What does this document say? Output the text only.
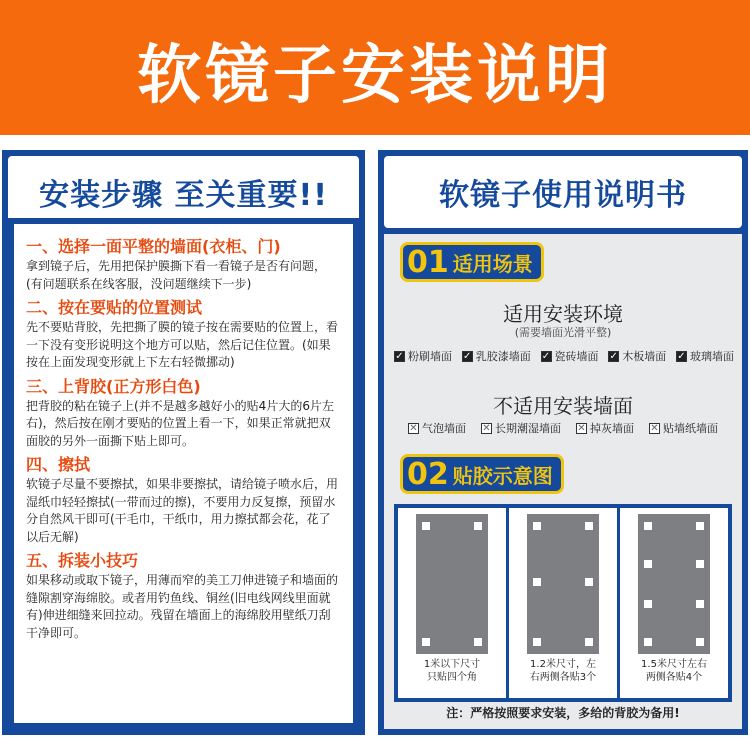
软镜子安装说明
安装步骤 至关重要!!
一、选择一面平整的墙面(衣柜、门)
拿到镜子后，先用把保护膜撕下看一看镜子是否有问题，(有问题联系在线客服，没问题继续下一步)
二、按在要贴的位置测试
先不要贴背胶，先把撕了膜的镜子按在需要贴的位置上，看一下没有变形说明这个地方可以贴，然后记住位置。(如果按在上面发现变形就上下左右轻微挪动)
三、上背胶(正方形白色)
把背胶的粘在镜子上(并不是越多越好小的贴4片大的6片左右)，然后按在刚才要贴的位置上看一下，如果正常就把双面胶的另外一面撕下贴上即可。
四、擦拭
软镜子尽量不要擦拭，如果非要擦拭，请给镜子喷水后，用湿纸巾轻轻擦拭(一带而过的擦)，不要用力反复擦，预留水分自然风干即可(干毛巾，干纸巾，用力擦拭都会花，花了以后无解)
五、拆装小技巧
如果移动或取下镜子，用薄而窄的美工刀伸进镜子和墙面的缝隙割穿海绵胶。或者用钓鱼线、铜丝(旧电线网线里面就有)伸进细缝来回拉动。残留在墙面上的海绵胶用壁纸刀刮干净即可。
软镜子使用说明书
01 适用场景
适用安装环境
(需要墙面光滑平整)
✓ 粉刷墙面 ✓ 乳胶漆墙面 ✓ 瓷砖墙面 ✓ 木板墙面 ✓ 玻璃墙面
不适用安装墙面
✕ 气泡墙面 ✕ 长期潮湿墙面 ✕ 掉灰墙面 ✕ 贴墙纸墙面
02 贴胶示意图
1米以下尺寸
只贴四个角
1.2米尺寸，左
右两侧各贴3个
1.5米尺寸左右
两侧各贴4个
注：严格按照要求安装，多给的背胶为备用!
